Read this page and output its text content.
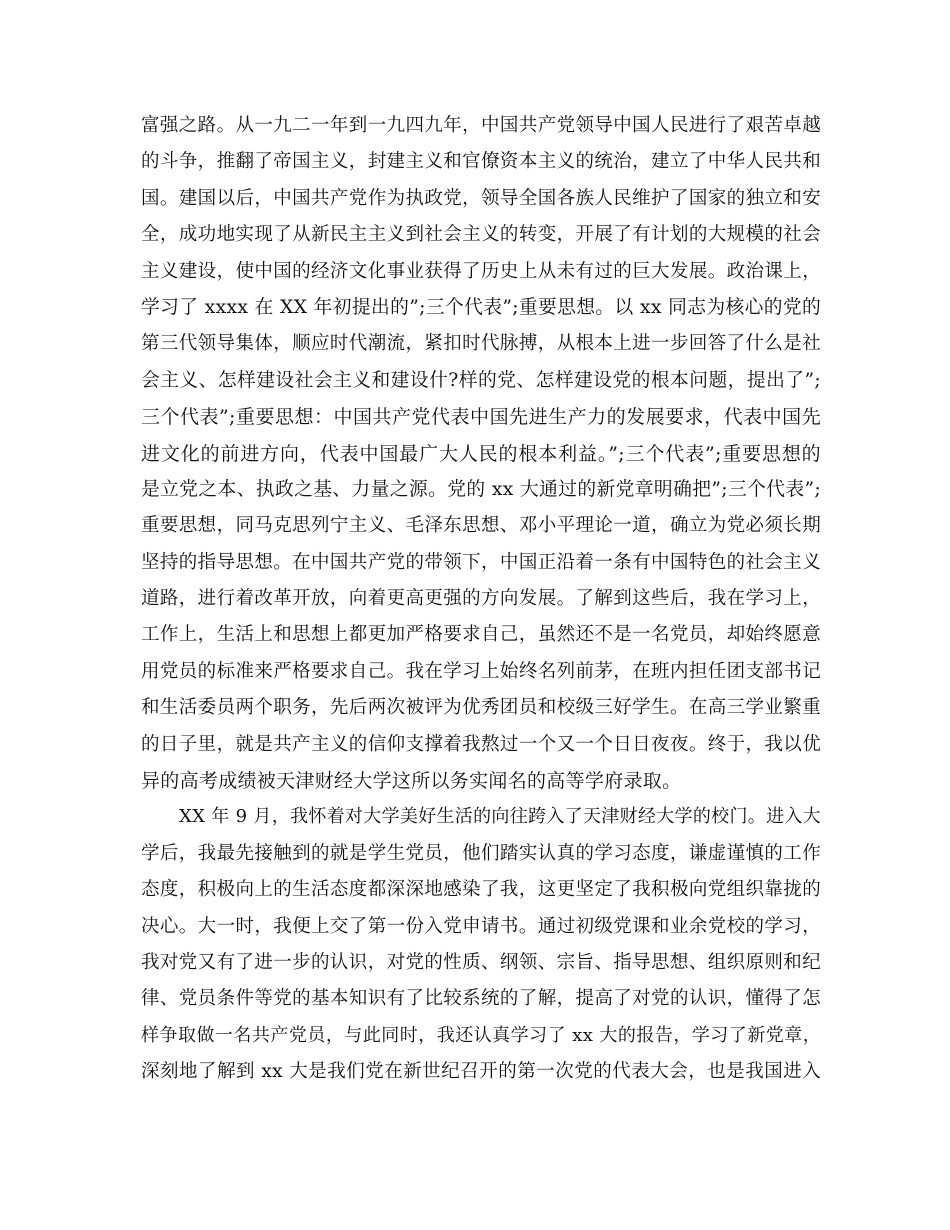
富强之路。从一九二一年到一九四九年，中国共产党领导中国人民进行了艰苦卓越
的斗争，推翻了帝国主义，封建主义和官僚资本主义的统治，建立了中华人民共和
国。建国以后，中国共产党作为执政党，领导全国各族人民维护了国家的独立和安
全，成功地实现了从新民主主义到社会主义的转变，开展了有计划的大规模的社会
主义建设，使中国的经济文化事业获得了历史上从未有过的巨大发展。政治课上，
学习了 xxxx 在 XX 年初提出的”;三个代表”;重要思想。以 xx 同志为核心的党的
第三代领导集体，顺应时代潮流，紧扣时代脉搏，从根本上进一步回答了什么是社
会主义、怎样建设社会主义和建设什?样的党、怎样建设党的根本问题，提出了”;
三个代表”;重要思想：中国共产党代表中国先进生产力的发展要求，代表中国先
进文化的前进方向，代表中国最广大人民的根本利益。”;三个代表”;重要思想的
是立党之本、执政之基、力量之源。党的 xx 大通过的新党章明确把”;三个代表”;
重要思想，同马克思列宁主义、毛泽东思想、邓小平理论一道，确立为党必须长期
坚持的指导思想。在中国共产党的带领下，中国正沿着一条有中国特色的社会主义
道路，进行着改革开放，向着更高更强的方向发展。了解到这些后，我在学习上，
工作上，生活上和思想上都更加严格要求自己，虽然还不是一名党员，却始终愿意
用党员的标准来严格要求自己。我在学习上始终名列前茅，在班内担任团支部书记
和生活委员两个职务，先后两次被评为优秀团员和校级三好学生。在高三学业繁重
的日子里，就是共产主义的信仰支撑着我熬过一个又一个日日夜夜。终于，我以优
异的高考成绩被天津财经大学这所以务实闻名的高等学府录取。
XX 年 9 月，我怀着对大学美好生活的向往跨入了天津财经大学的校门。进入大
学后，我最先接触到的就是学生党员，他们踏实认真的学习态度，谦虚谨慎的工作
态度，积极向上的生活态度都深深地感染了我，这更坚定了我积极向党组织靠拢的
决心。大一时，我便上交了第一份入党申请书。通过初级党课和业余党校的学习，
我对党又有了进一步的认识，对党的性质、纲领、宗旨、指导思想、组织原则和纪
律、党员条件等党的基本知识有了比较系统的了解，提高了对党的认识，懂得了怎
样争取做一名共产党员，与此同时，我还认真学习了 xx 大的报告，学习了新党章，
深刻地了解到 xx 大是我们党在新世纪召开的第一次党的代表大会，也是我国进入
